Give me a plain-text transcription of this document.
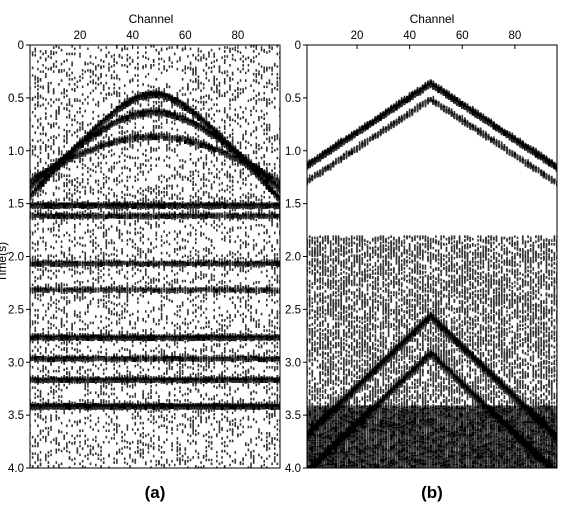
Channel
Time(s)
20	40	60	80
0
0.5
1.0
1.5
2.0
2.5
3.0
3.5
4.0
(a)
Channel
20	40	60	80
0
0.5
1.0
1.5
2.0
2.5
3.0
3.5
4.0
(b)
